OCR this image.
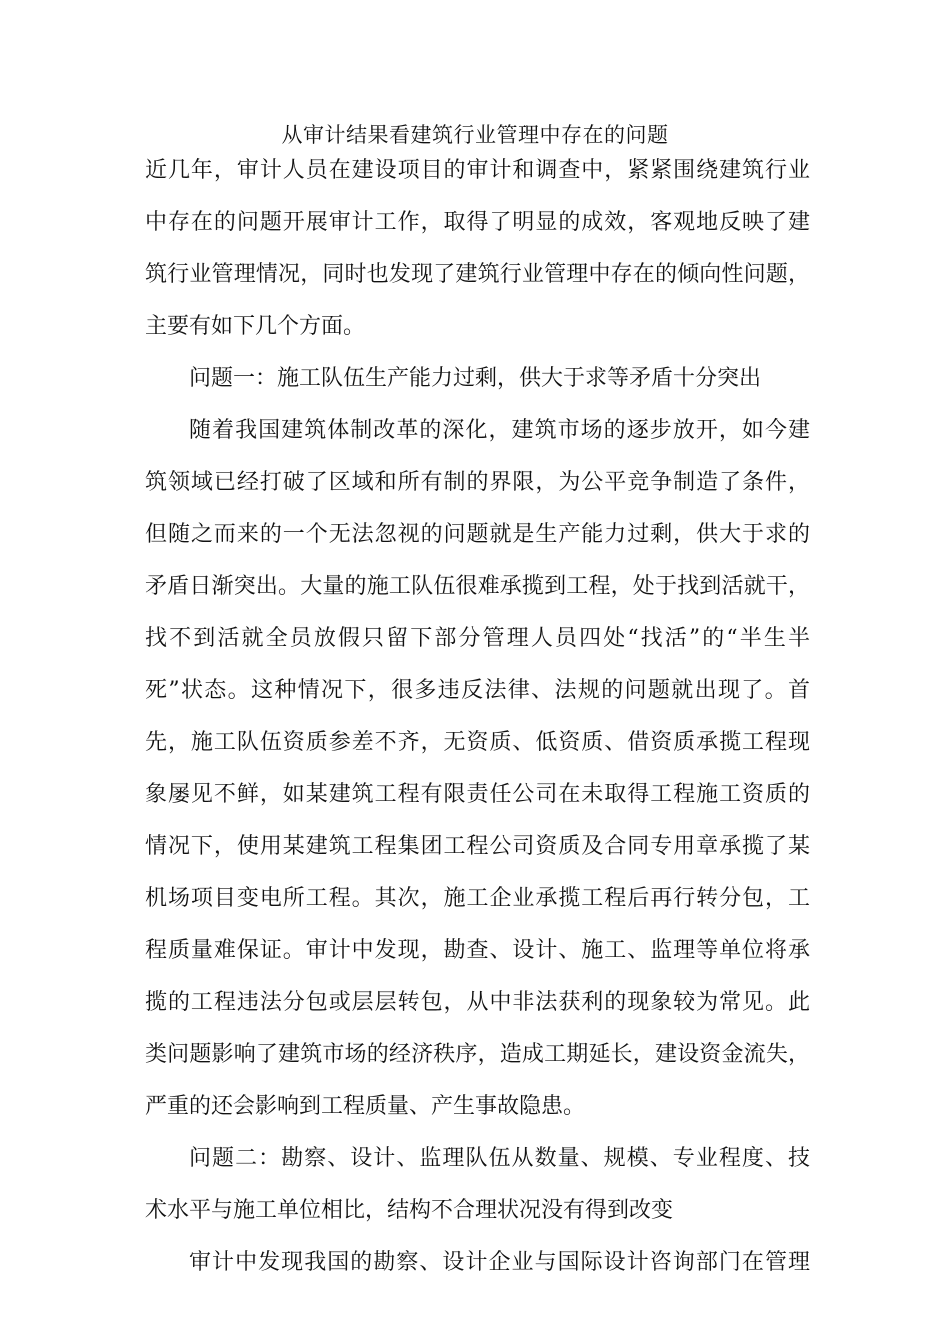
从审计结果看建筑行业管理中存在的问题
近几年，审计人员在建设项目的审计和调查中，紧紧围绕建筑行业
中存在的问题开展审计工作，取得了明显的成效，客观地反映了建
筑行业管理情况，同时也发现了建筑行业管理中存在的倾向性问题，
主要有如下几个方面。
问题一：施工队伍生产能力过剩，供大于求等矛盾十分突出
随着我国建筑体制改革的深化，建筑市场的逐步放开，如今建
筑领域已经打破了区域和所有制的界限，为公平竞争制造了条件，
但随之而来的一个无法忽视的问题就是生产能力过剩，供大于求的
矛盾日渐突出。大量的施工队伍很难承揽到工程，处于找到活就干，
找不到活就全员放假只留下部分管理人员四处“找活”的“半生半
死”状态。这种情况下，很多违反法律、法规的问题就出现了。首
先，施工队伍资质参差不齐，无资质、低资质、借资质承揽工程现
象屡见不鲜，如某建筑工程有限责任公司在未取得工程施工资质的
情况下，使用某建筑工程集团工程公司资质及合同专用章承揽了某
机场项目变电所工程。其次，施工企业承揽工程后再行转分包，工
程质量难保证。审计中发现，勘查、设计、施工、监理等单位将承
揽的工程违法分包或层层转包，从中非法获利的现象较为常见。此
类问题影响了建筑市场的经济秩序，造成工期延长，建设资金流失，
严重的还会影响到工程质量、产生事故隐患。
问题二：勘察、设计、监理队伍从数量、规模、专业程度、技
术水平与施工单位相比，结构不合理状况没有得到改变
审计中发现我国的勘察、设计企业与国际设计咨询部门在管理
